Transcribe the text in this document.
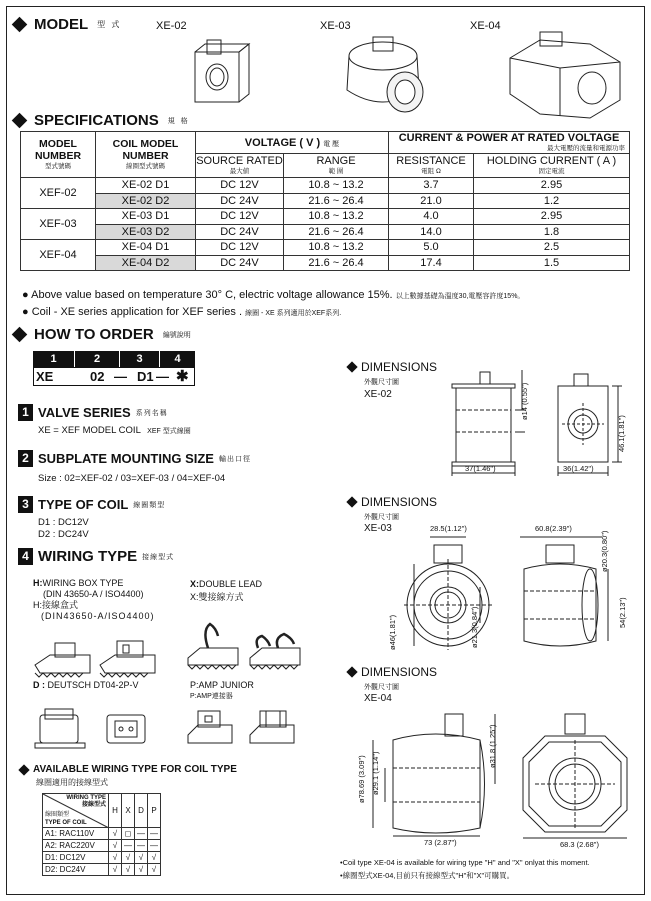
MODEL 型 式	XE-02	XE-03	XE-04
SPECIFICATIONS 規 格
MODEL NUMBER
型式號碼	COIL MODEL NUMBER
線圈型式號碼	VOLTAGE ( V ) 電 壓		CURRENT & POWER AT RATED VOLTAGE
最大電壓的流量和電源功率	

		SOURCE RATED
最大値	RANGE
範 圍	RESISTANCE
電阻 Ω	HOLDING CURRENT ( A )
固定電流

XEF-02	XE-02 D1	DC 12V	10.8 ~ 13.2	3.7	2.95
	XE-02 D2	DC 24V	21.6 ~ 26.4	21.0	1.2
XEF-03	XE-03 D1	DC 12V	10.8 ~ 13.2	4.0	2.95
	XE-03 D2	DC 24V	21.6 ~ 26.4	14.0	1.8
XEF-04	XE-04 D1	DC 12V	10.8 ~ 13.2	5.0	2.5
	XE-04 D2	DC 24V	21.6 ~ 26.4	17.4	1.5
● Above value based on temperature 30° C, electric voltage allowance 15%. 以上數據基礎為溫度30,電壓容許度15%。
● Coil - XE series application for XEF series . 線圈 - XE 系列適用於XEF系列.
HOW TO ORDER 編號說明
1	2	3	4
XE	02 — D1 — ✱
1 VALVE SERIES 系列名稱
XE = XEF MODEL COIL XEF 型式線圈
2 SUBPLATE MOUNTING SIZE 輸出口徑
Size : 02=XEF-02 / 03=XEF-03 / 04=XEF-04
3 TYPE OF COIL 線圈類型
D1 : DC12V
D2 : DC24V
4 WIRING TYPE 接線型式
H:WIRING BOX TYPE
(DIN 43650-A / ISO4400)
H:接線盒式
(DIN43650-A/ISO4400)
X:DOUBLE LEAD
X:雙接線方式
D : DEUTSCH DT04-2P-V	P:AMP JUNIOR
P:AMP連接器
AVAILABLE WIRING TYPE FOR COIL TYPE
線圈適用的接線型式
WIRING TYPE
接線型式
線圈類型
TYPE OF COIL	H	X	D	P
A1: RAC110V	√	◻	—	—
A2: RAC220V	√	—	—	—
D1: DC12V	√	√	√	√
D2: DC24V	√	√	√	√
DIMENSIONS
外觀尺寸圖
XE-02	ø14 (0.55")
37(1.46")
46.1(1.81")
36(1.42")
DIMENSIONS
外觀尺寸圖
XE-03	28.5(1.12")
ø46(1.81")	ø21.3(0.84")
60.8(2.39")
ø20.3(0.80")
54(2.13")
DIMENSIONS
外觀尺寸圖
XE-04
ø78.69 (3.09") ø29.1 (1.14")
ø31.8 (1.25")
73 (2.87")	68.3 (2.68")
•Coil type XE-04 is available for wiring type "H" and "X" onlyat this moment.
•線圈型式XE-04,目前只有接線型式"H"和"X"可購買。
